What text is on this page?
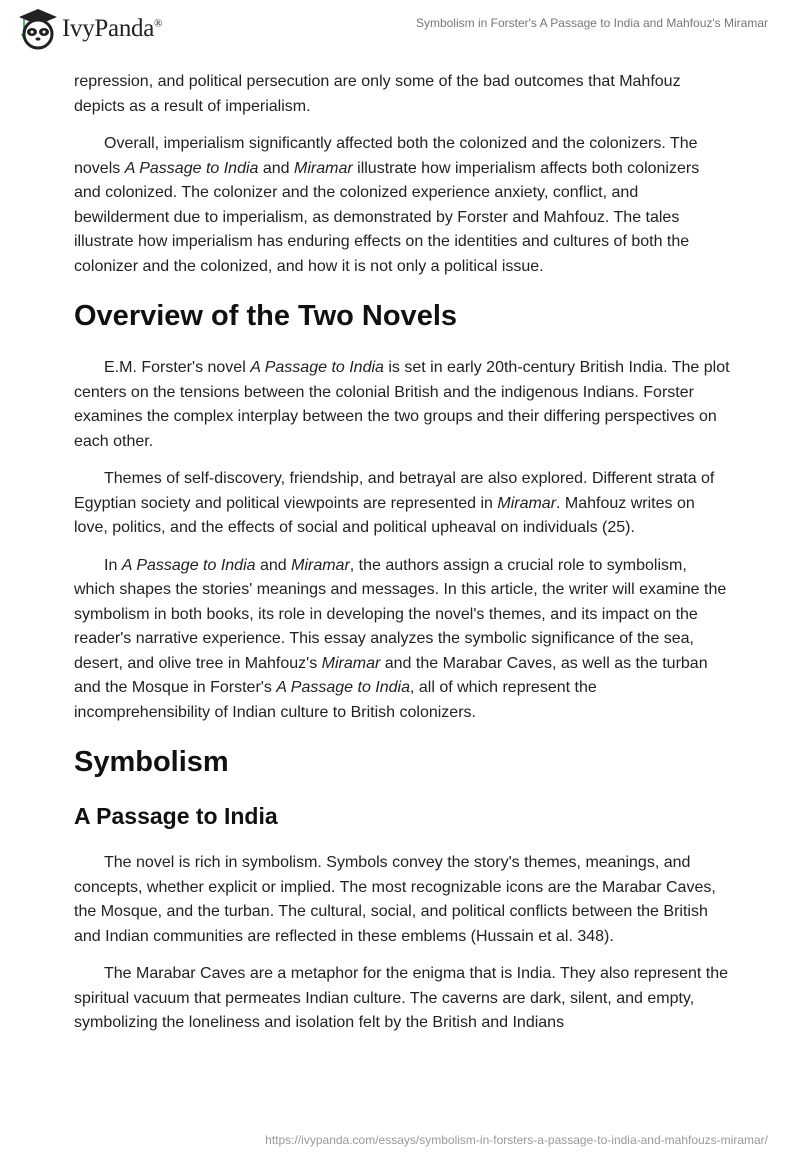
IvyPanda®	Symbolism in Forster's A Passage to India and Mahfouz's Miramar

repression, and political persecution are only some of the bad outcomes that Mahfouz depicts as a result of imperialism.

Overall, imperialism significantly affected both the colonized and the colonizers. The novels A Passage to India and Miramar illustrate how imperialism affects both colonizers and colonized. The colonizer and the colonized experience anxiety, conflict, and bewilderment due to imperialism, as demonstrated by Forster and Mahfouz. The tales illustrate how imperialism has enduring effects on the identities and cultures of both the colonizer and the colonized, and how it is not only a political issue.

Overview of the Two Novels

E.M. Forster's novel A Passage to India is set in early 20th-century British India. The plot centers on the tensions between the colonial British and the indigenous Indians. Forster examines the complex interplay between the two groups and their differing perspectives on each other.

Themes of self-discovery, friendship, and betrayal are also explored. Different strata of Egyptian society and political viewpoints are represented in Miramar. Mahfouz writes on love, politics, and the effects of social and political upheaval on individuals (25).

In A Passage to India and Miramar, the authors assign a crucial role to symbolism, which shapes the stories' meanings and messages. In this article, the writer will examine the symbolism in both books, its role in developing the novel's themes, and its impact on the reader's narrative experience. This essay analyzes the symbolic significance of the sea, desert, and olive tree in Mahfouz's Miramar and the Marabar Caves, as well as the turban and the Mosque in Forster's A Passage to India, all of which represent the incomprehensibility of Indian culture to British colonizers.

Symbolism
A Passage to India

The novel is rich in symbolism. Symbols convey the story's themes, meanings, and concepts, whether explicit or implied. The most recognizable icons are the Marabar Caves, the Mosque, and the turban. The cultural, social, and political conflicts between the British and Indian communities are reflected in these emblems (Hussain et al. 348).

The Marabar Caves are a metaphor for the enigma that is India. They also represent the spiritual vacuum that permeates Indian culture. The caverns are dark, silent, and empty, symbolizing the loneliness and isolation felt by the British and Indians

https://ivypanda.com/essays/symbolism-in-forsters-a-passage-to-india-and-mahfouzs-miramar/
